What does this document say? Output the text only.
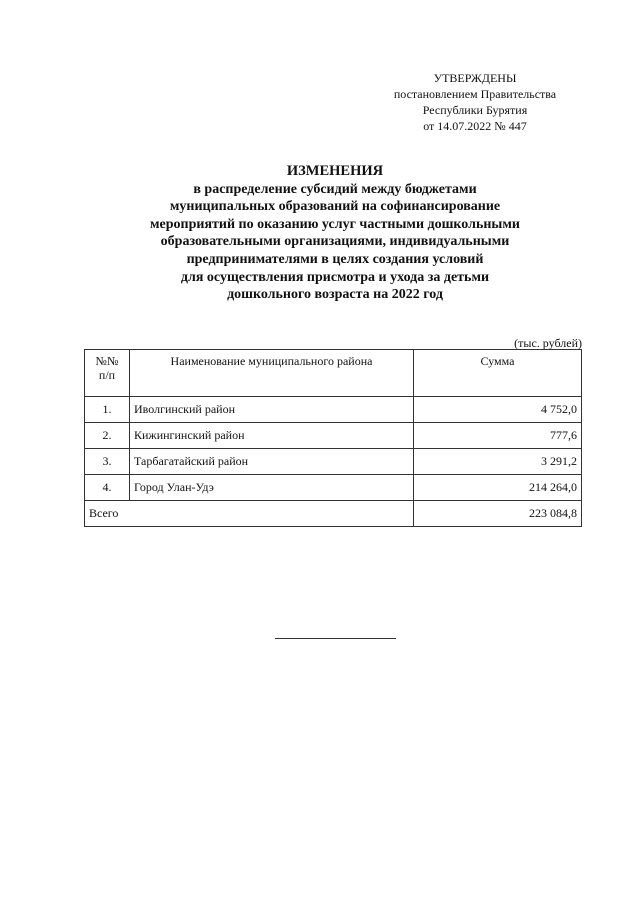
УТВЕРЖДЕНЫ
постановлением Правительства
Республики Бурятия
от 14.07.2022 № 447
ИЗМЕНЕНИЯ
в распределение субсидий между бюджетами
муниципальных образований на софинансирование
мероприятий по оказанию услуг частными дошкольными
образовательными организациями, индивидуальными
предпринимателями в целях создания условий
для осуществления присмотра и ухода за детьми
дошкольного возраста на 2022 год
(тыс. рублей)
№№
п/п	Наименование муниципального района	Сумма
1.	Иволгинский район	4 752,0
2.	Кижингинский район	777,6
3.	Тарбагатайский район	3 291,2
4.	Город Улан-Удэ	214 264,0
Всего		223 084,8
